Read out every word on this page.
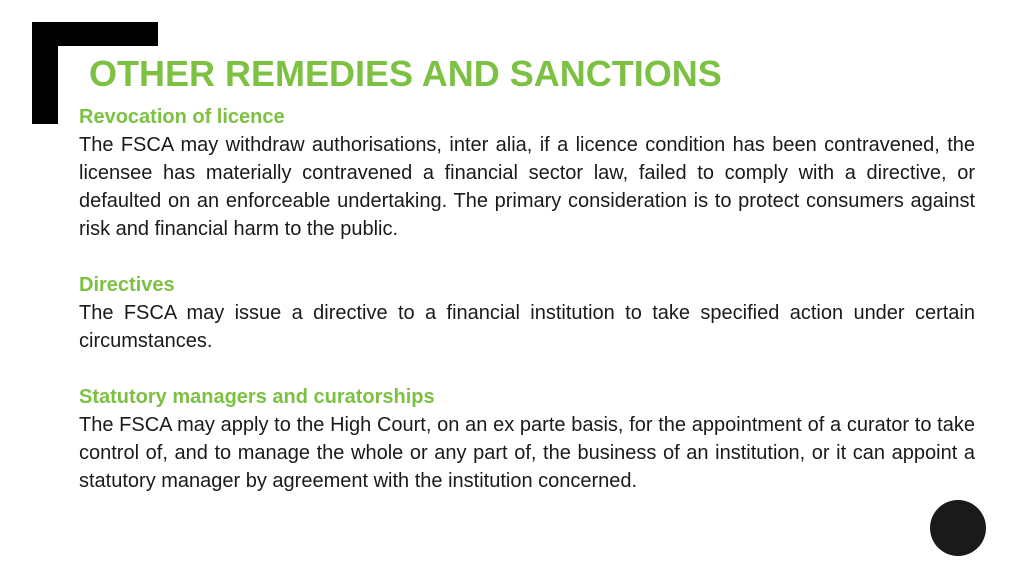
OTHER REMEDIES AND SANCTIONS
Revocation of licence
The FSCA may withdraw authorisations, inter alia, if a licence condition has been contravened, the licensee has materially contravened a financial sector law, failed to comply with a directive, or defaulted on an enforceable undertaking. The primary consideration is to protect consumers against risk and financial harm to the public.
Directives
The FSCA may issue a directive to a financial institution to take specified action under certain circumstances.
Statutory managers and curatorships
The FSCA may apply to the High Court, on an ex parte basis, for the appointment of a curator to take control of, and to manage the whole or any part of, the business of an institution, or it can appoint a statutory manager by agreement with the institution concerned.
